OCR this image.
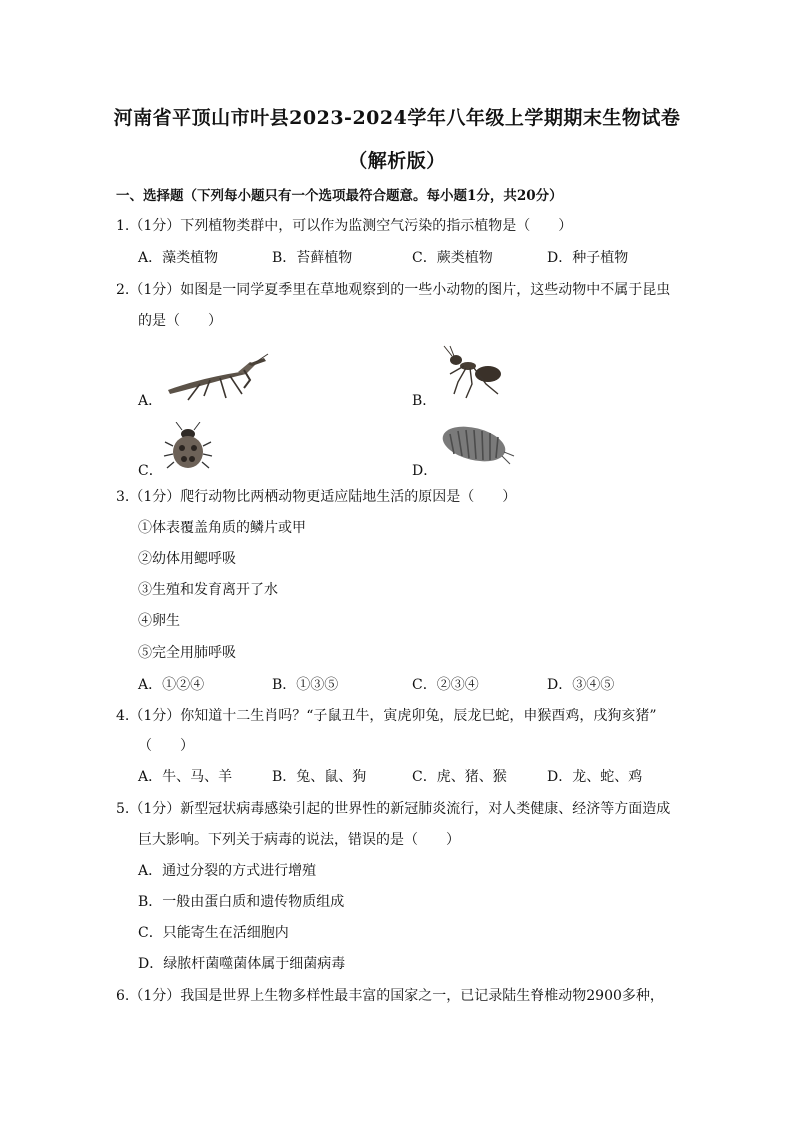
河南省平顶山市叶县2023-2024学年八年级上学期期末生物试卷
（解析版）
一、选择题（下列每小题只有一个选项最符合题意。每小题1分，共20分）
1.（1分）下列植物类群中，可以作为监测空气污染的指示植物是（　　）
A．藻类植物	B．苔藓植物	C．蕨类植物	D．种子植物
2.（1分）如图是一同学夏季里在草地观察到的一些小动物的图片，这些动物中不属于昆虫
的是（　　）
A．	B．
C．	D．
3.（1分）爬行动物比两栖动物更适应陆地生活的原因是（　　）
①体表覆盖角质的鳞片或甲
②幼体用鳃呼吸
③生殖和发育离开了水
④卵生
⑤完全用肺呼吸
A．①②④	B．①③⑤	C．②③④	D．③④⑤
4.（1分）你知道十二生肖吗？“子鼠丑牛，寅虎卯兔，辰龙巳蛇，申猴酉鸡，戌狗亥猪”
（　　）
A．牛、马、羊	B．兔、鼠、狗	C．虎、猪、猴	D．龙、蛇、鸡
5.（1分）新型冠状病毒感染引起的世界性的新冠肺炎流行，对人类健康、经济等方面造成
巨大影响。下列关于病毒的说法，错误的是（　　）
A．通过分裂的方式进行增殖
B．一般由蛋白质和遗传物质组成
C．只能寄生在活细胞内
D．绿脓杆菌噬菌体属于细菌病毒
6.（1分）我国是世界上生物多样性最丰富的国家之一，已记录陆生脊椎动物2900多种，
